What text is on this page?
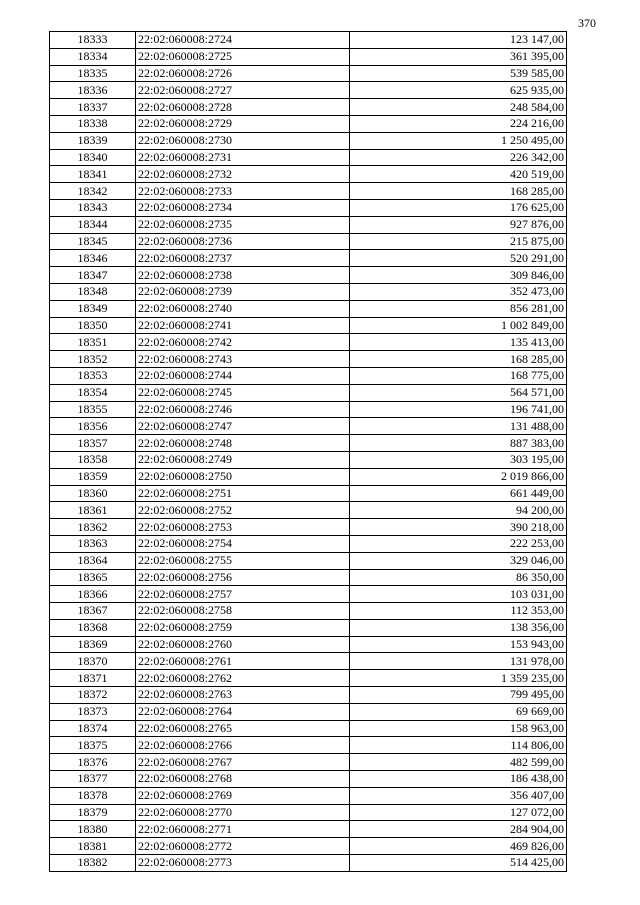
370
18333	22:02:060008:2724	123 147,00
18334	22:02:060008:2725	361 395,00
18335	22:02:060008:2726	539 585,00
18336	22:02:060008:2727	625 935,00
18337	22:02:060008:2728	248 584,00
18338	22:02:060008:2729	224 216,00
18339	22:02:060008:2730	1 250 495,00
18340	22:02:060008:2731	226 342,00
18341	22:02:060008:2732	420 519,00
18342	22:02:060008:2733	168 285,00
18343	22:02:060008:2734	176 625,00
18344	22:02:060008:2735	927 876,00
18345	22:02:060008:2736	215 875,00
18346	22:02:060008:2737	520 291,00
18347	22:02:060008:2738	309 846,00
18348	22:02:060008:2739	352 473,00
18349	22:02:060008:2740	856 281,00
18350	22:02:060008:2741	1 002 849,00
18351	22:02:060008:2742	135 413,00
18352	22:02:060008:2743	168 285,00
18353	22:02:060008:2744	168 775,00
18354	22:02:060008:2745	564 571,00
18355	22:02:060008:2746	196 741,00
18356	22:02:060008:2747	131 488,00
18357	22:02:060008:2748	887 383,00
18358	22:02:060008:2749	303 195,00
18359	22:02:060008:2750	2 019 866,00
18360	22:02:060008:2751	661 449,00
18361	22:02:060008:2752	94 200,00
18362	22:02:060008:2753	390 218,00
18363	22:02:060008:2754	222 253,00
18364	22:02:060008:2755	329 046,00
18365	22:02:060008:2756	86 350,00
18366	22:02:060008:2757	103 031,00
18367	22:02:060008:2758	112 353,00
18368	22:02:060008:2759	138 356,00
18369	22:02:060008:2760	153 943,00
18370	22:02:060008:2761	131 978,00
18371	22:02:060008:2762	1 359 235,00
18372	22:02:060008:2763	799 495,00
18373	22:02:060008:2764	69 669,00
18374	22:02:060008:2765	158 963,00
18375	22:02:060008:2766	114 806,00
18376	22:02:060008:2767	482 599,00
18377	22:02:060008:2768	186 438,00
18378	22:02:060008:2769	356 407,00
18379	22:02:060008:2770	127 072,00
18380	22:02:060008:2771	284 904,00
18381	22:02:060008:2772	469 826,00
18382	22:02:060008:2773	514 425,00
